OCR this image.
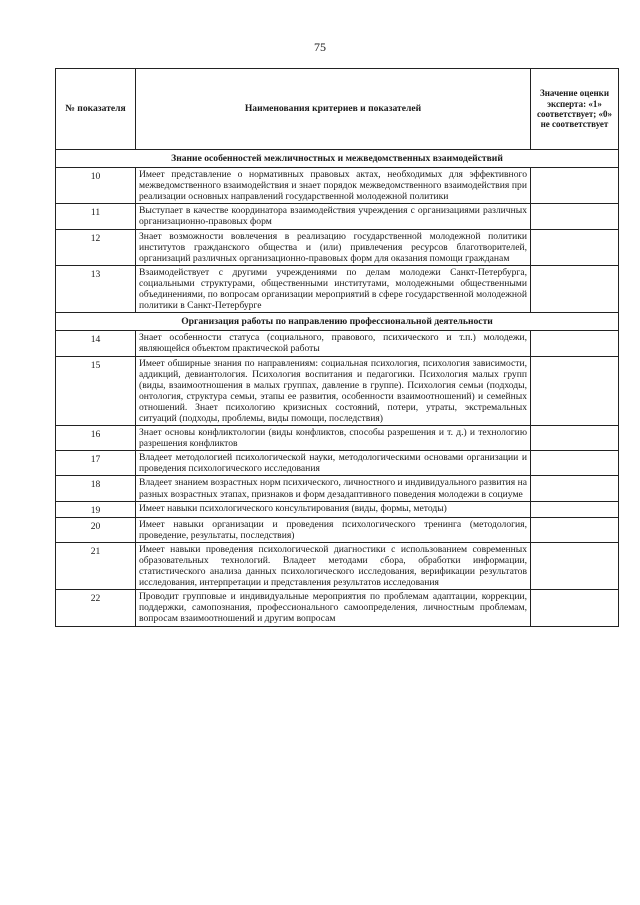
75
№ показателя	Наименования критериев и показателей	Значение оценки эксперта: «1» соответствует; «0» не соответствует
Знание особенностей межличностных и межведомственных взаимодействий		
10	Имеет представление о нормативных правовых актах, необходимых для эффективного межведомственного взаимодействия и знает порядок межведомственного взаимодействия при реализации основных направлений государственной молодежной политики	
11	Выступает в качестве координатора взаимодействия учреждения с организациями различных организационно-правовых форм	
12	Знает возможности вовлечения в реализацию государственной молодежной политики институтов гражданского общества и (или) привлечения ресурсов благотворителей, организаций различных организационно-правовых форм для оказания помощи гражданам	
13	Взаимодействует с другими учреждениями по делам молодежи Санкт-Петербурга, социальными структурами, общественными институтами, молодежными общественными объединениями, по вопросам организации мероприятий в сфере государственной молодежной политики в Санкт-Петербурге	
Организация работы по направлению профессиональной деятельности		
14	Знает особенности статуса (социального, правового, психического и т.п.) молодежи, являющейся объектом практической работы	
15	Имеет обширные знания по направлениям: социальная психология, психология зависимости, аддикций, девиантология. Психология воспитания и педагогики. Психология малых групп (виды, взаимоотношения в малых группах, давление в группе). Психология семьи (подходы, онтология, структура семьи, этапы ее развития, особенности взаимоотношений) и семейных отношений. Знает психологию кризисных состояний, потери, утраты, экстремальных ситуаций (подходы, проблемы, виды помощи, последствия)	
16	Знает основы конфликтологии (виды конфликтов, способы разрешения и т. д.) и технологию разрешения конфликтов	
17	Владеет методологией психологической науки, методологическими основами организации и проведения психологического исследования	
18	Владеет знанием возрастных норм психического, личностного и индивидуального развития на разных возрастных этапах, признаков и форм дезадаптивного поведения молодежи в социуме	
19	Имеет навыки психологического консультирования (виды, формы, методы)	
20	Имеет навыки организации и проведения психологического тренинга (методология, проведение, результаты, последствия)	
21	Имеет навыки проведения психологической диагностики с использованием современных образовательных технологий. Владеет методами сбора, обработки информации, статистического анализа данных психологического исследования, верификации результатов исследования, интерпретации и представления результатов исследования	
22	Проводит групповые и индивидуальные мероприятия по проблемам адаптации, коррекции, поддержки, самопознания, профессионального самоопределения, личностным проблемам, вопросам взаимоотношений и другим вопросам	
